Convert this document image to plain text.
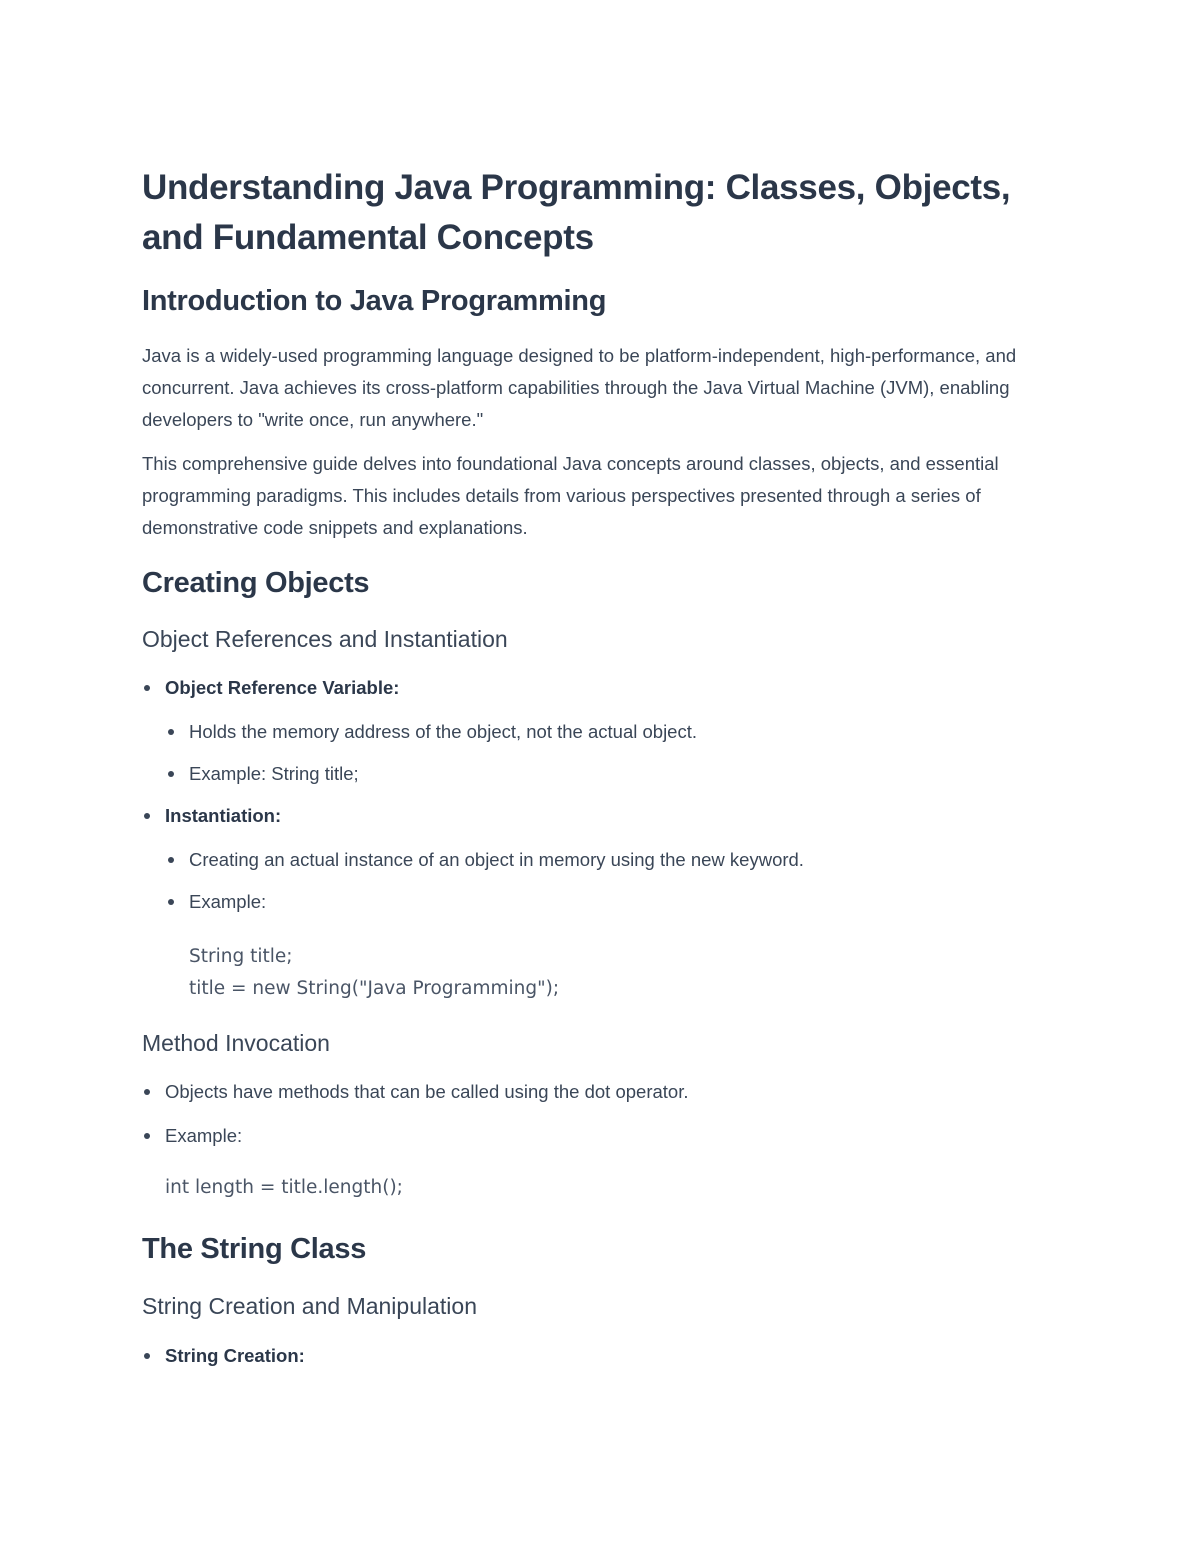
Understanding Java Programming: Classes, Objects, and Fundamental Concepts
Introduction to Java Programming

Java is a widely-used programming language designed to be platform-independent, high-performance, and concurrent. Java achieves its cross-platform capabilities through the Java Virtual Machine (JVM), enabling developers to "write once, run anywhere."

This comprehensive guide delves into foundational Java concepts around classes, objects, and essential programming paradigms. This includes details from various perspectives presented through a series of demonstrative code snippets and explanations.

Creating Objects
Object References and Instantiation
Object Reference Variable:
Holds the memory address of the object, not the actual object.
Example: String title;
Instantiation:
Creating an actual instance of an object in memory using the new keyword.
Example:
String title;
title = new String("Java Programming");
Method Invocation
Objects have methods that can be called using the dot operator.
Example:
int length = title.length();
The String Class
String Creation and Manipulation
String Creation:
